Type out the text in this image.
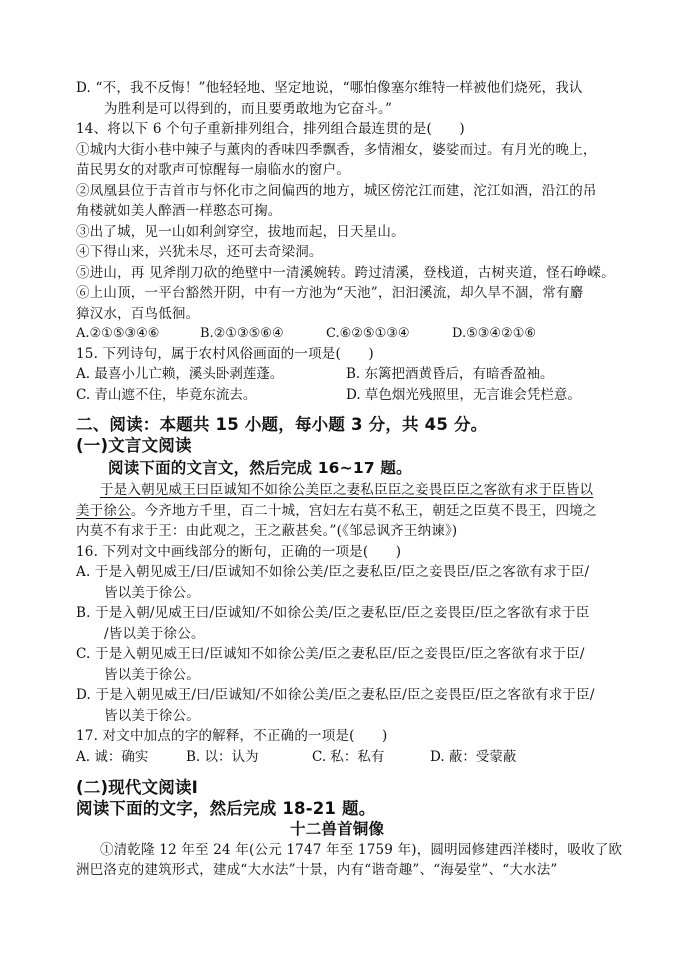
D. “不，我不反悔！”他轻轻地、坚定地说，“哪怕像塞尔维特一样被他们烧死，我认
为胜利是可以得到的，而且要勇敢地为它奋斗。”
14、将以下 6 个句子重新排列组合，排列组合最连贯的是(　　)
①城内大街小巷中辣子与薰肉的香味四季飘香，多情湘女，婆娑而过。有月光的晚上，
苗民男女的对歌声可惊醒每一扇临水的窗户。
②凤凰县位于吉首市与怀化市之间偏西的地方，城区傍沱江而建，沱江如酒，沿江的吊
角楼就如美人醉酒一样憨态可掬。
③出了城，见一山如利剑穿空，拔地而起，日天星山。
④下得山来，兴犹未尽，还可去奇梁洞。
⑤进山，再 见斧削刀砍的绝壁中一清溪婉转。跨过清溪，登栈道，古树夹道，怪石峥嵘。
⑥上山顶，一平台豁然开阴，中有一方池为“天池”，汩汩溪流，却久旱不涸，常有麝
獐汉水，百鸟低徊。
A.②①⑤③④⑥	B.②①③⑤⑥④	C.⑥②⑤①③④	D.⑤③④②①⑥
15. 下列诗句，属于农村风俗画面的一项是(　　)
A. 最喜小儿亡赖，溪头卧剥莲蓬。	B. 东篱把酒黄昏后，有暗香盈袖。
C. 青山遮不住，毕竟东流去。	D. 草色烟光残照里，无言谁会凭栏意。
二、阅读：本题共 15 小题，每小题 3 分，共 45 分。
(一)文言文阅读
阅读下面的文言文，然后完成 16~17 题。
于是入朝见威王曰臣诚知不如徐公美臣之妻私臣臣之妾畏臣臣之客欲有求于臣皆以
美于徐公。今齐地方千里，百二十城，宫妇左右莫不私王，朝廷之臣莫不畏王，四境之
内莫不有求于王：由此观之，王之蔽甚矣。”(《邹忌讽齐王纳谏》)
16. 下列对文中画线部分的断句，正确的一项是(　　)
A. 于是入朝见威王/曰/臣诚知不如徐公美/臣之妻私臣/臣之妾畏臣/臣之客欲有求于臣/
皆以美于徐公。
B. 于是入朝/见威王曰/臣诚知/不如徐公美/臣之妻私臣/臣之妾畏臣/臣之客欲有求于臣
/皆以美于徐公。
C. 于是入朝见威王曰/臣诚知不如徐公美/臣之妻私臣/臣之妾畏臣/臣之客欲有求于臣/
皆以美于徐公。
D. 于是入朝见威王/曰/臣诚知/不如徐公美/臣之妻私臣/臣之妾畏臣/臣之客欲有求于臣/
皆以美于徐公。
17. 对文中加点的字的解释，不正确的一项是(　　)
A. 诚：确实	B. 以：认为	C. 私：私有	D. 蔽：受蒙蔽
(二)现代文阅读Ⅰ
阅读下面的文字，然后完成 18-21 题。
十二兽首铜像
①清乾隆 12 年至 24 年(公元 1747 年至 1759 年)，圆明园修建西洋楼时，吸收了欧
洲巴洛克的建筑形式，建成“大水法”十景，内有“谐奇趣”、“海晏堂”、“大水法”
